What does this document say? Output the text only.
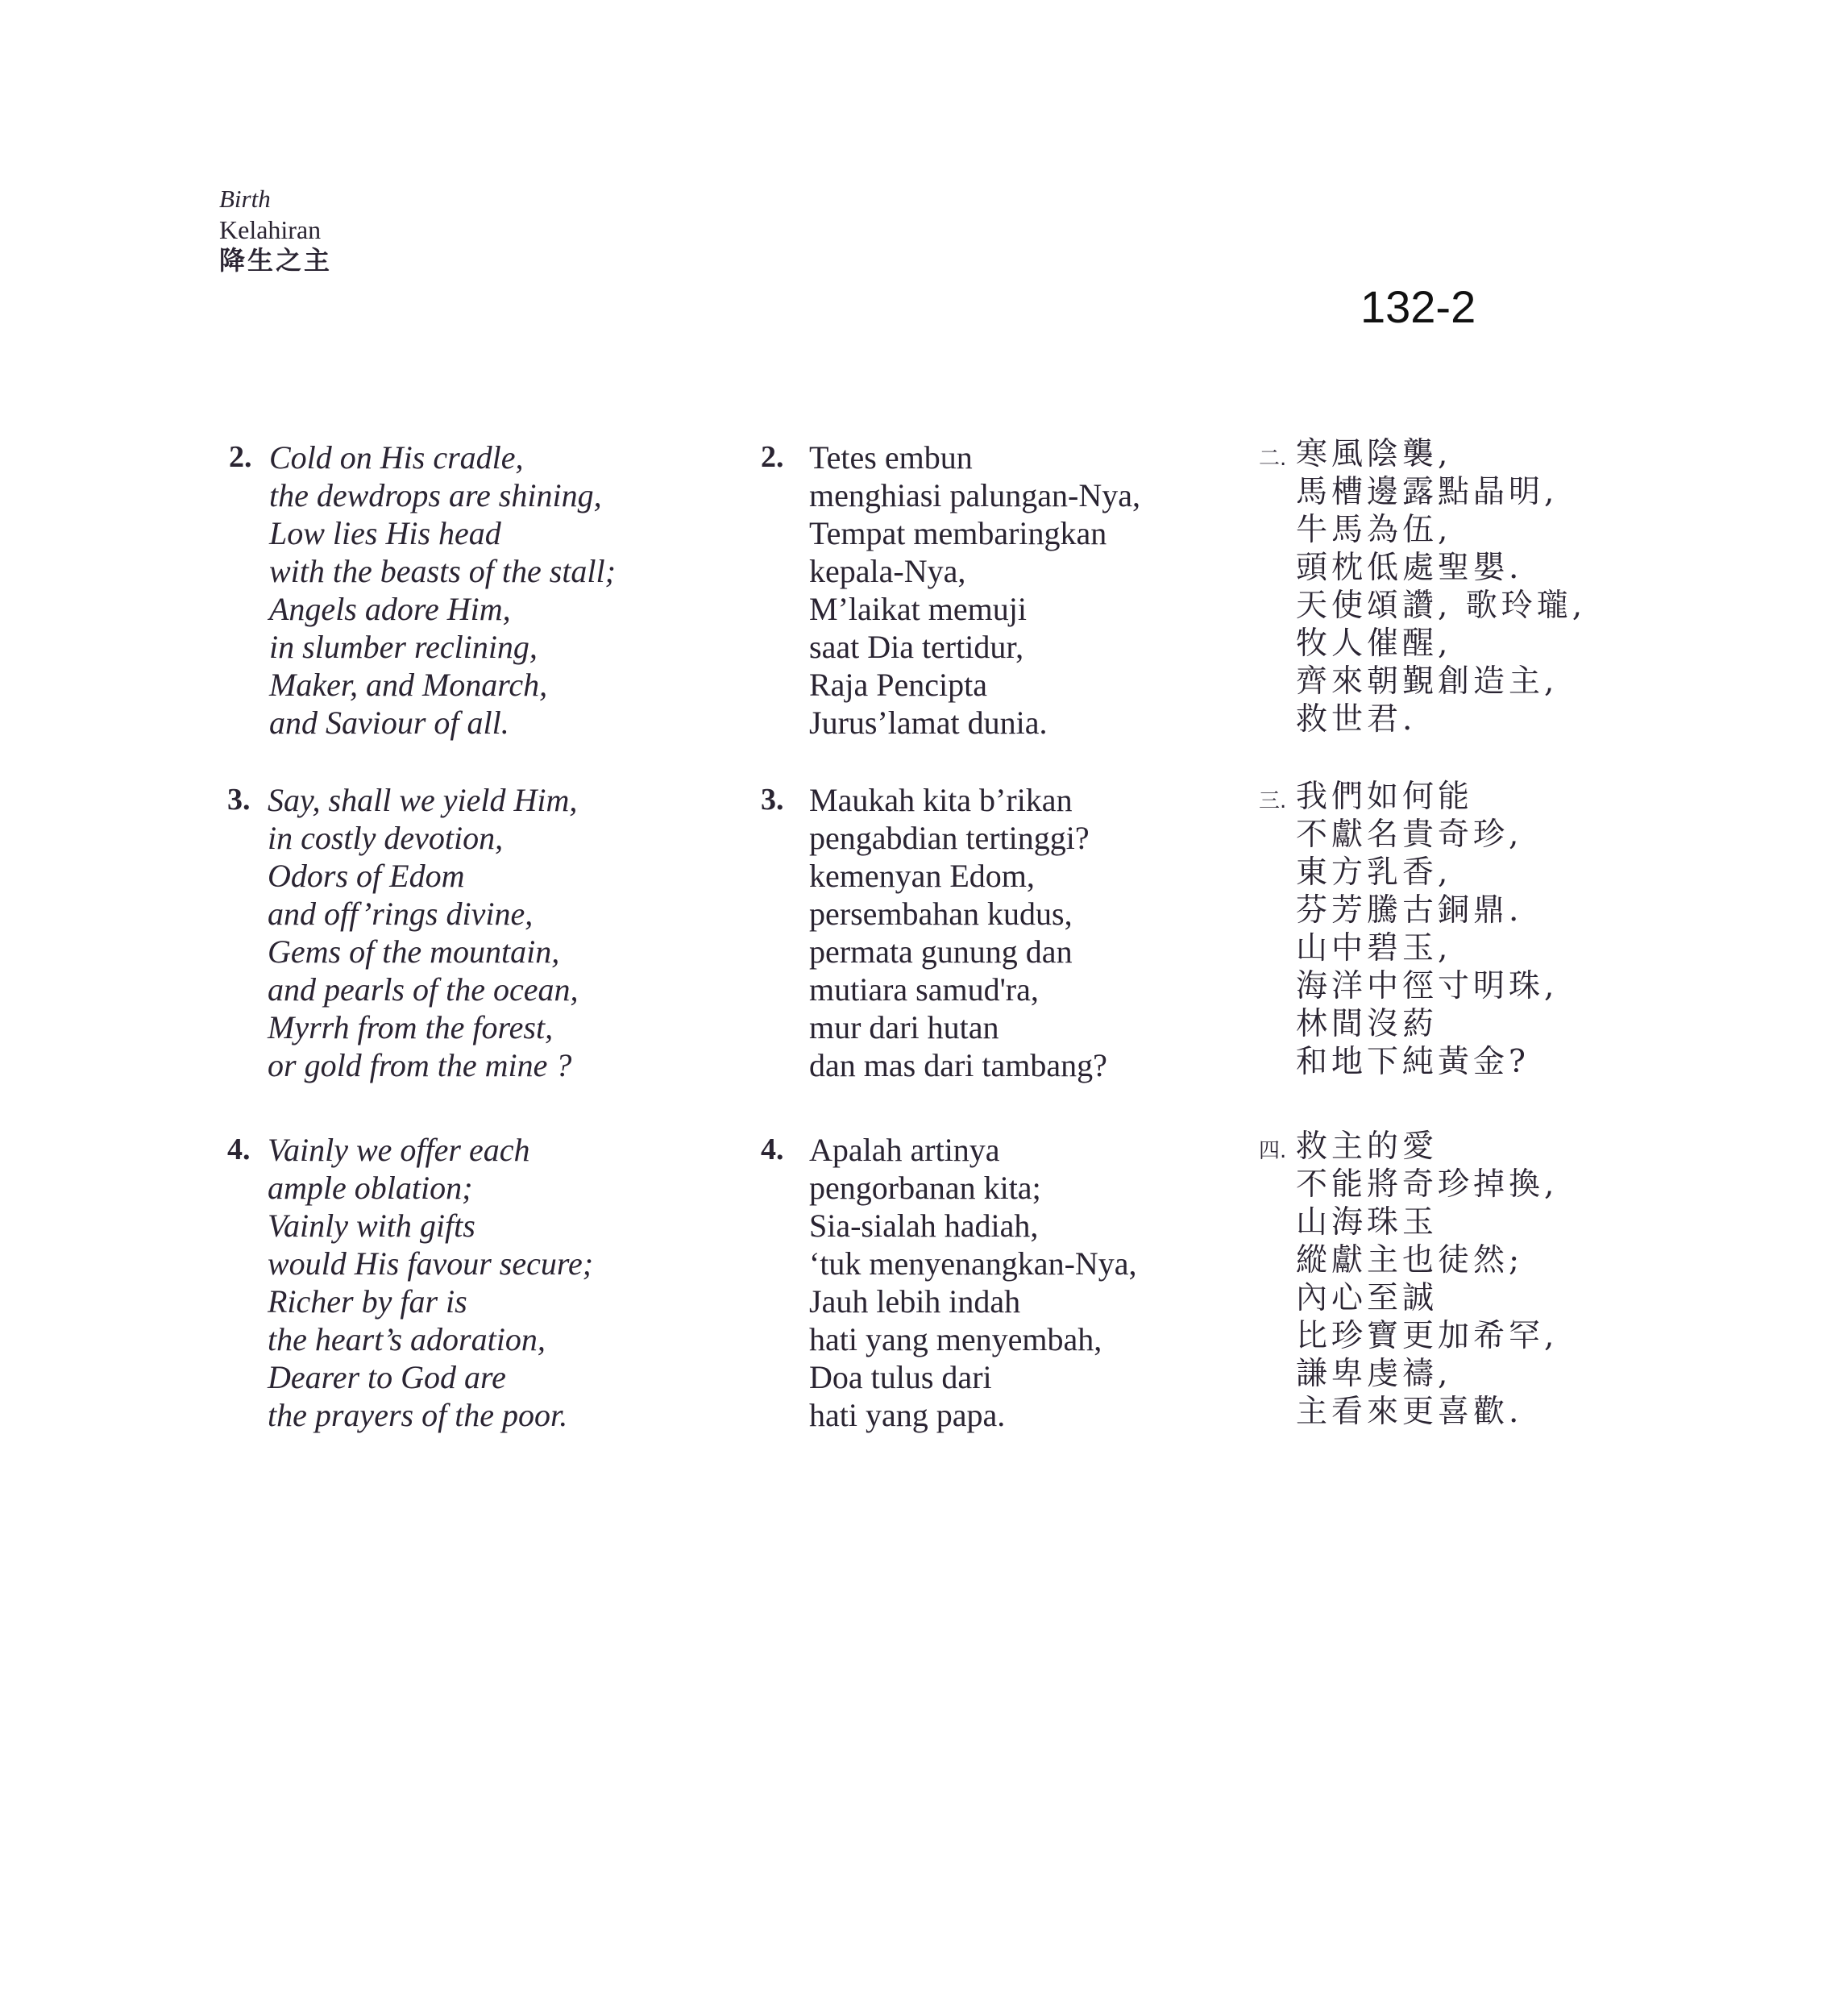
Birth
Kelahiran
降生之主
132-2
2. Cold on His cradle,
the dewdrops are shining,
Low lies His head
with the beasts of the stall;
Angels adore Him,
in slumber reclining,
Maker, and Monarch,
and Saviour of all.
2. Tetes embun
menghiasi palungan-Nya,
Tempat membaringkan
kepala-Nya,
M’laikat memuji
saat Dia tertidur,
Raja Pencipta
Jurus’lamat dunia.
二. 寒風陰襲,
馬槽邊露點晶明,
牛馬為伍,
頭枕低處聖嬰.
天使頌讚, 歌玲瓏,
牧人催醒,
齊來朝覲創造主,
救世君.
3. Say, shall we yield Him,
in costly devotion,
Odors of Edom
and off’rings divine,
Gems of the mountain,
and pearls of the ocean,
Myrrh from the forest,
or gold from the mine ?
3. Maukah kita b’rikan
pengabdian tertinggi?
kemenyan Edom,
persembahan kudus,
permata gunung dan
mutiara samud'ra,
mur dari hutan
dan mas dari tambang?
三. 我們如何能
不獻名貴奇珍,
東方乳香,
芬芳騰古銅鼎.
山中碧玉,
海洋中徑寸明珠,
林間沒葯
和地下純黃金?
4. Vainly we offer each
ample oblation;
Vainly with gifts
would His favour secure;
Richer by far is
the heart’s adoration,
Dearer to God are
the prayers of the poor.
4. Apalah artinya
pengorbanan kita;
Sia-sialah hadiah,
‘tuk menyenangkan-Nya,
Jauh lebih indah
hati yang menyembah,
Doa tulus dari
hati yang papa.
四. 救主的愛
不能將奇珍掉換,
山海珠玉
縱獻主也徒然;
內心至誠
比珍寶更加希罕,
謙卑虔禱,
主看來更喜歡.
